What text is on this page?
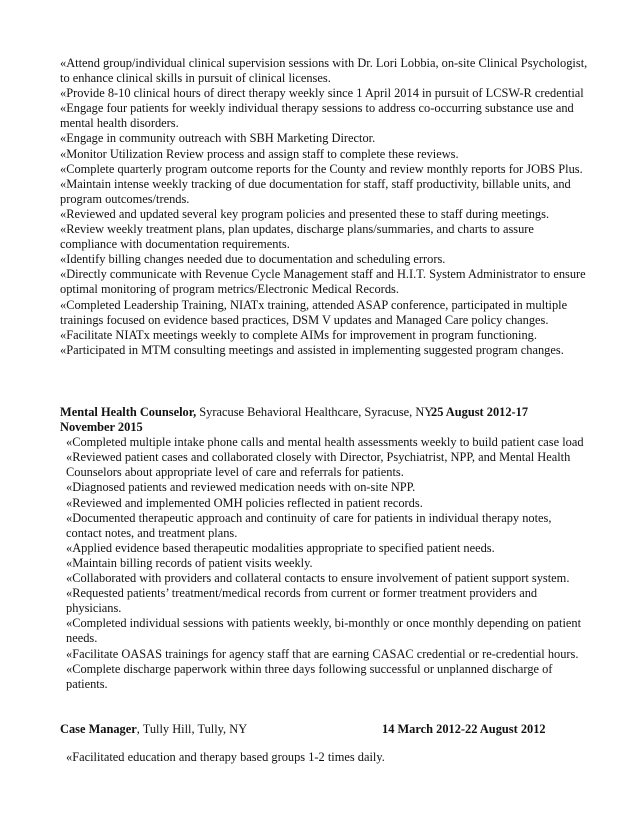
«Attend group/individual clinical supervision sessions with Dr. Lori Lobbia, on-site Clinical Psychologist, to enhance clinical skills in pursuit of clinical licenses.

«Provide 8-10 clinical hours of direct therapy weekly since 1 April 2014 in pursuit of LCSW-R credential

«Engage four patients for weekly individual therapy sessions to address co-occurring substance use and mental health disorders.

«Engage in community outreach with SBH Marketing Director.

«Monitor Utilization Review process and assign staff to complete these reviews.

«Complete quarterly program outcome reports for the County and review monthly reports for JOBS Plus.

«Maintain intense weekly tracking of due documentation for staff, staff productivity, billable units, and program outcomes/trends.

«Reviewed and updated several key program policies and presented these to staff during meetings.

«Review weekly treatment plans, plan updates, discharge plans/summaries, and charts to assure compliance with documentation requirements.

«Identify billing changes needed due to documentation and scheduling errors.

«Directly communicate with Revenue Cycle Management staff and H.I.T. System Administrator to ensure optimal monitoring of program metrics/Electronic Medical Records.

«Completed Leadership Training, NIATx training, attended ASAP conference, participated in multiple trainings focused on evidence based practices, DSM V updates and Managed Care policy changes.

«Facilitate NIATx meetings weekly to complete AIMs for improvement in program functioning.

«Participated in MTM consulting meetings and assisted in implementing suggested program changes.

Mental Health Counselor, Syracuse Behavioral Healthcare, Syracuse, NY
25 August 2012-17

November 2015

«Completed multiple intake phone calls and mental health assessments weekly to build patient case load

«Reviewed patient cases and collaborated closely with Director, Psychiatrist, NPP, and Mental Health Counselors about appropriate level of care and referrals for patients.

«Diagnosed patients and reviewed medication needs with on-site NPP.

«Reviewed and implemented OMH policies reflected in patient records.

«Documented therapeutic approach and continuity of care for patients in individual therapy notes, contact notes, and treatment plans.

«Applied evidence based therapeutic modalities appropriate to specified patient needs.

«Maintain billing records of patient visits weekly.

«Collaborated with providers and collateral contacts to ensure involvement of patient support system.

«Requested patients’ treatment/medical records from current or former treatment providers and physicians.

«Completed individual sessions with patients weekly, bi-monthly or once monthly depending on patient needs.

«Facilitate OASAS trainings for agency staff that are earning CASAC credential or re-credential hours.

«Complete discharge paperwork within three days following successful or unplanned discharge of patients.

Case Manager, Tully Hill, Tully, NY	14 March 2012-22 August 2012

«Facilitated education and therapy based groups 1-2 times daily.
